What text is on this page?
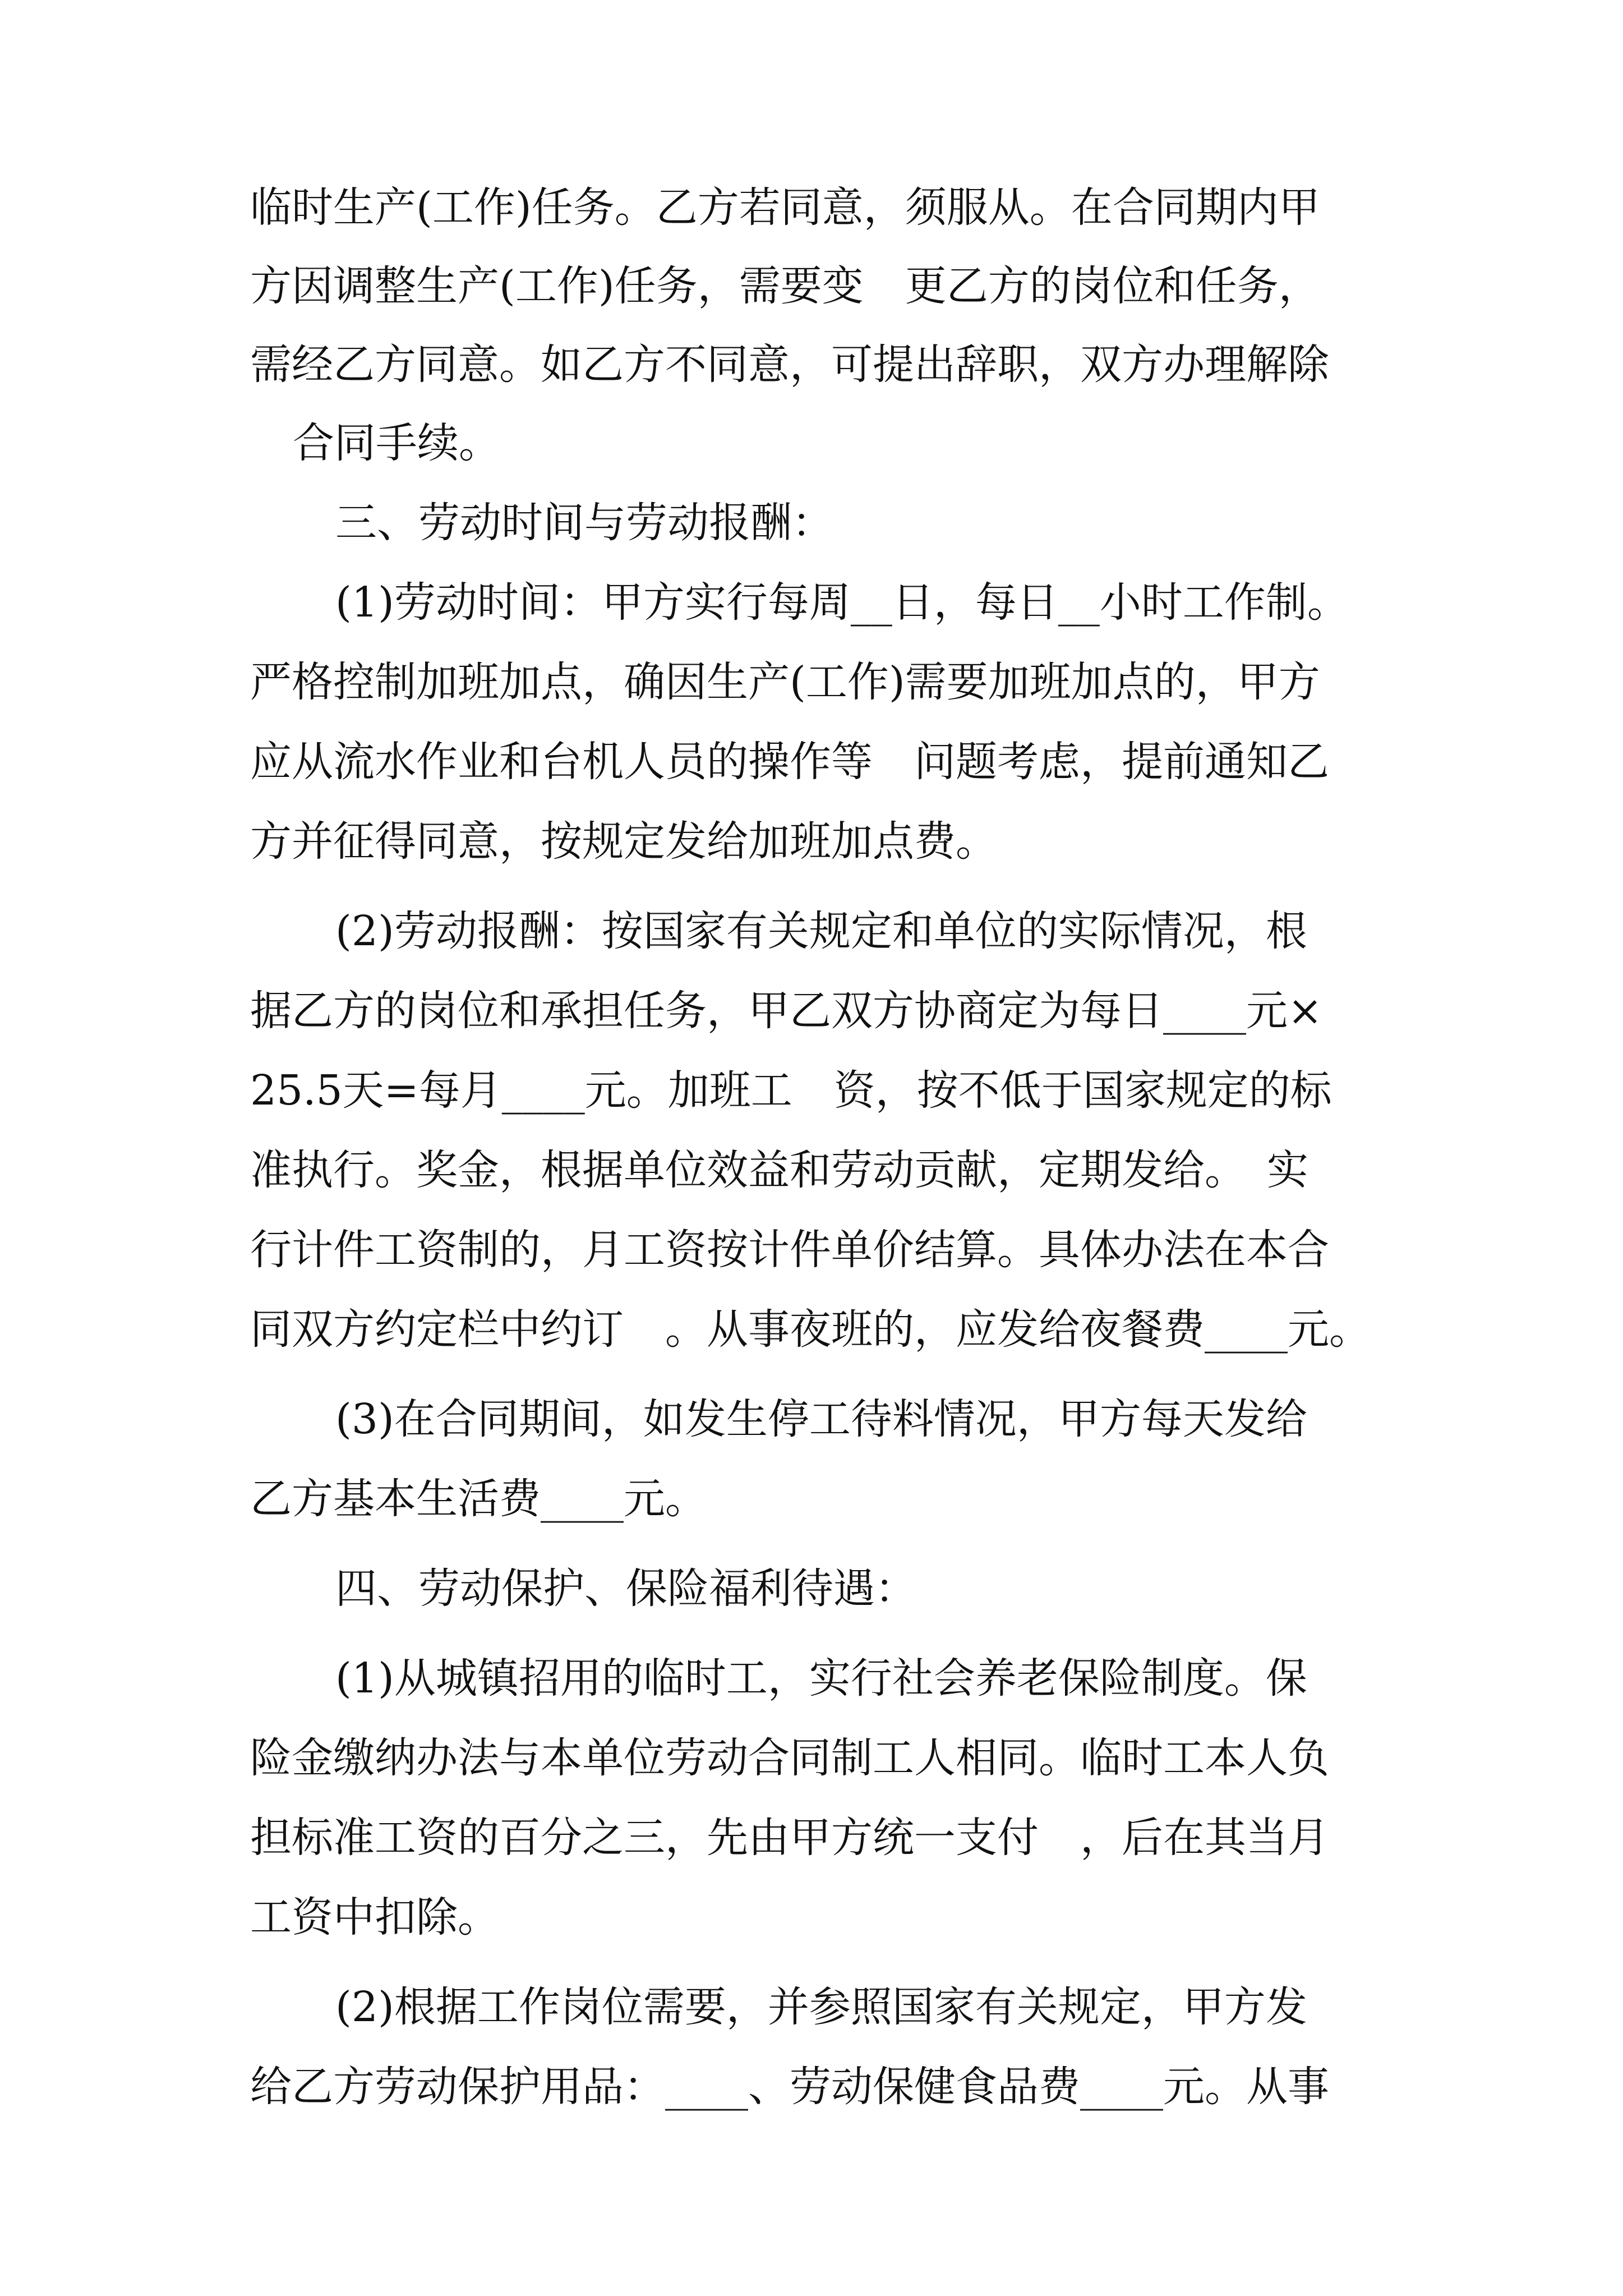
临时生产(工作)任务。乙方若同意，须服从。在合同期内甲
方因调整生产(工作)任务，需要变　更乙方的岗位和任务，
需经乙方同意。如乙方不同意，可提出辞职，双方办理解除
合同手续。
三、劳动时间与劳动报酬：
(1)劳动时间：甲方实行每周__日，每日__小时工作制。
严格控制加班加点，确因生产(工作)需要加班加点的，甲方
应从流水作业和台机人员的操作等　问题考虑，提前通知乙
方并征得同意，按规定发给加班加点费。
(2)劳动报酬：按国家有关规定和单位的实际情况，根
据乙方的岗位和承担任务，甲乙双方协商定为每日____元×
25.5天=每月____元。加班工　资，按不低于国家规定的标
准执行。奖金，根据单位效益和劳动贡献，定期发给。　实
行计件工资制的，月工资按计件单价结算。具体办法在本合
同双方约定栏中约订　。从事夜班的，应发给夜餐费____元。
(3)在合同期间，如发生停工待料情况，甲方每天发给
乙方基本生活费____元。
四、劳动保护、保险福利待遇：
(1)从城镇招用的临时工，实行社会养老保险制度。保
险金缴纳办法与本单位劳动合同制工人相同。临时工本人负
担标准工资的百分之三，先由甲方统一支付　，后在其当月
工资中扣除。
(2)根据工作岗位需要，并参照国家有关规定，甲方发
给乙方劳动保护用品：____、劳动保健食品费____元。从事
